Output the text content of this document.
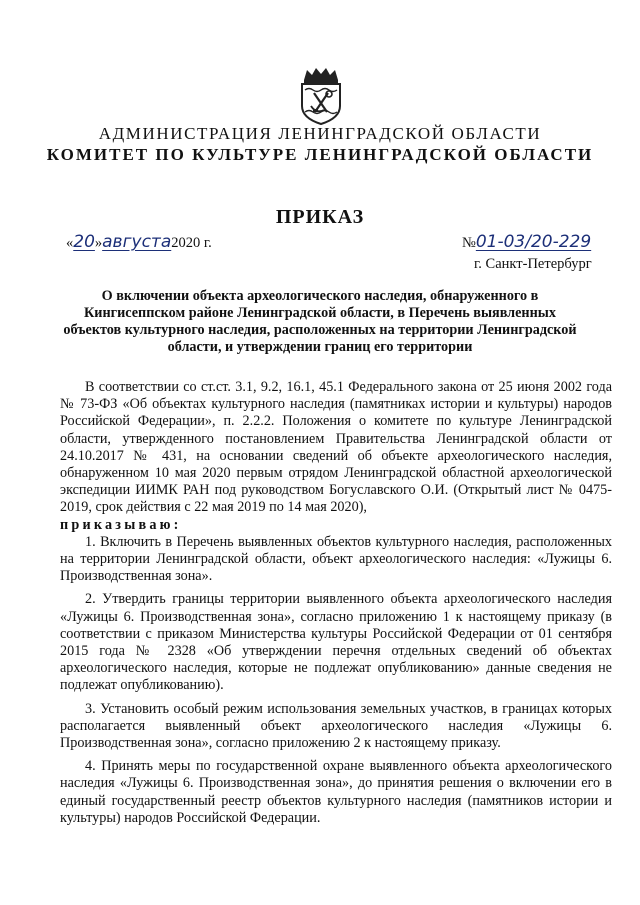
АДМИНИСТРАЦИЯ ЛЕНИНГРАДСКОЙ ОБЛАСТИ
КОМИТЕТ ПО КУЛЬТУРЕ ЛЕНИНГРАДСКОЙ ОБЛАСТИ
ПРИКАЗ
«20»августа2020 г.	№01-03/20-229
г. Санкт-Петербург
О включении объекта археологического наследия, обнаруженного в Кингисеппском районе Ленинградской области, в Перечень выявленных объектов культурного наследия, расположенных на территории Ленинградской области, и утверждении границ его территории

В соответствии со ст.ст. 3.1, 9.2, 16.1, 45.1 Федерального закона от 25 июня 2002 года № 73-ФЗ «Об объектах культурного наследия (памятниках истории и культуры) народов Российской Федерации», п. 2.2.2. Положения о комитете по культуре Ленинградской области, утвержденного постановлением Правительства Ленинградской области от 24.10.2017 № 431, на основании сведений об объекте археологического наследия, обнаруженном 10 мая 2020 первым отрядом Ленинградской областной археологической экспедиции ИИМК РАН под руководством Богуславского О.И. (Открытый лист № 0475-2019, срок действия с 22 мая 2019 по 14 мая 2020),

приказываю:

1. Включить в Перечень выявленных объектов культурного наследия, расположенных на территории Ленинградской области, объект археологического наследия: «Лужицы 6. Производственная зона».

2. Утвердить границы территории выявленного объекта археологического наследия «Лужицы 6. Производственная зона», согласно приложению 1 к настоящему приказу (в соответствии с приказом Министерства культуры Российской Федерации от 01 сентября 2015 года № 2328 «Об утверждении перечня отдельных сведений об объектах археологического наследия, которые не подлежат опубликованию» данные сведения не подлежат опубликованию).

3. Установить особый режим использования земельных участков, в границах которых располагается выявленный объект археологического наследия «Лужицы 6. Производственная зона», согласно приложению 2 к настоящему приказу.

4. Принять меры по государственной охране выявленного объекта археологического наследия «Лужицы 6. Производственная зона», до принятия решения о включении его в единый государственный реестр объектов культурного наследия (памятников истории и культуры) народов Российской Федерации.
